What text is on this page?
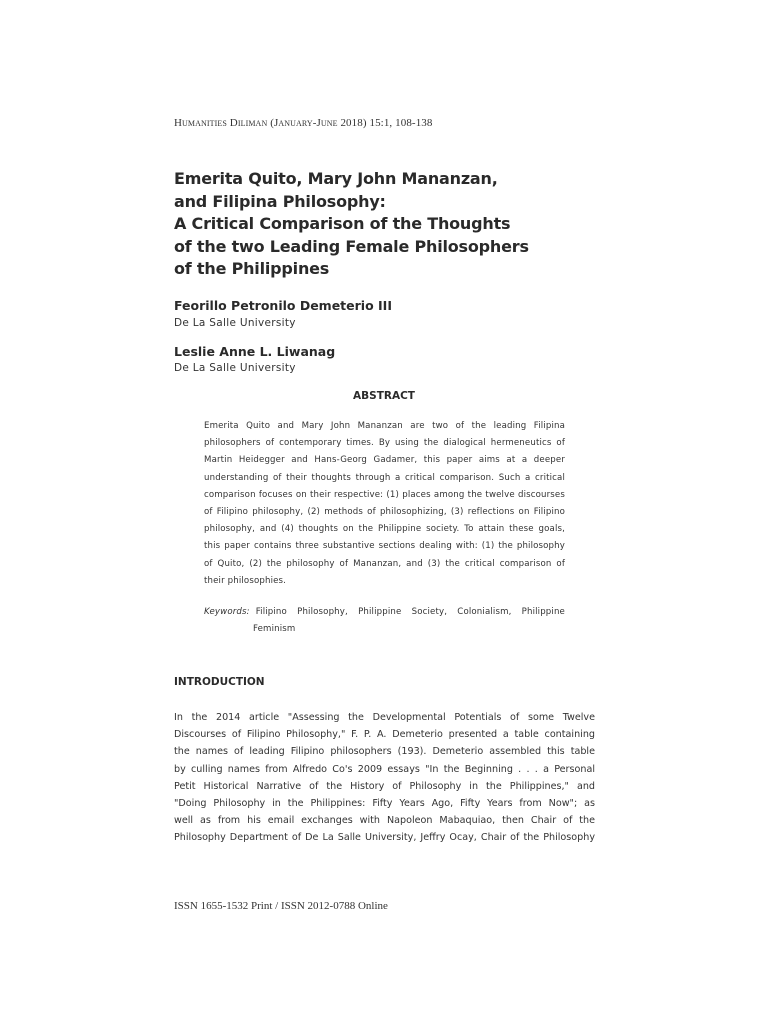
Humanities Diliman (January-June 2018) 15:1, 108-138
Emerita Quito, Mary John Mananzan,
and Filipina Philosophy:
A Critical Comparison of the Thoughts
of the two Leading Female Philosophers
of the Philippines
Feorillo Petronilo Demeterio III
De La Salle University
Leslie Anne L. Liwanag
De La Salle University
ABSTRACT
Emerita Quito and Mary John Mananzan are two of the leading Filipina
philosophers of contemporary times. By using the dialogical hermeneutics of
Martin Heidegger and Hans-Georg Gadamer, this paper aims at a deeper
understanding of their thoughts through a critical comparison. Such a critical
comparison focuses on their respective: (1) places among the twelve discourses
of Filipino philosophy, (2) methods of philosophizing, (3) reflections on Filipino
philosophy, and (4) thoughts on the Philippine society. To attain these goals,
this paper contains three substantive sections dealing with: (1) the philosophy
of Quito, (2) the philosophy of Mananzan, and (3) the critical comparison of
their philosophies.
Keywords: Filipino Philosophy, Philippine Society, Colonialism, Philippine
Feminism
INTRODUCTION
In the 2014 article "Assessing the Developmental Potentials of some Twelve
Discourses of Filipino Philosophy," F. P. A. Demeterio presented a table containing
the names of leading Filipino philosophers (193). Demeterio assembled this table
by culling names from Alfredo Co's 2009 essays "In the Beginning . . . a Personal
Petit Historical Narrative of the History of Philosophy in the Philippines," and
"Doing Philosophy in the Philippines: Fifty Years Ago, Fifty Years from Now"; as
well as from his email exchanges with Napoleon Mabaquiao, then Chair of the
Philosophy Department of De La Salle University, Jeffry Ocay, Chair of the Philosophy
ISSN 1655-1532 Print / ISSN 2012-0788 Online
